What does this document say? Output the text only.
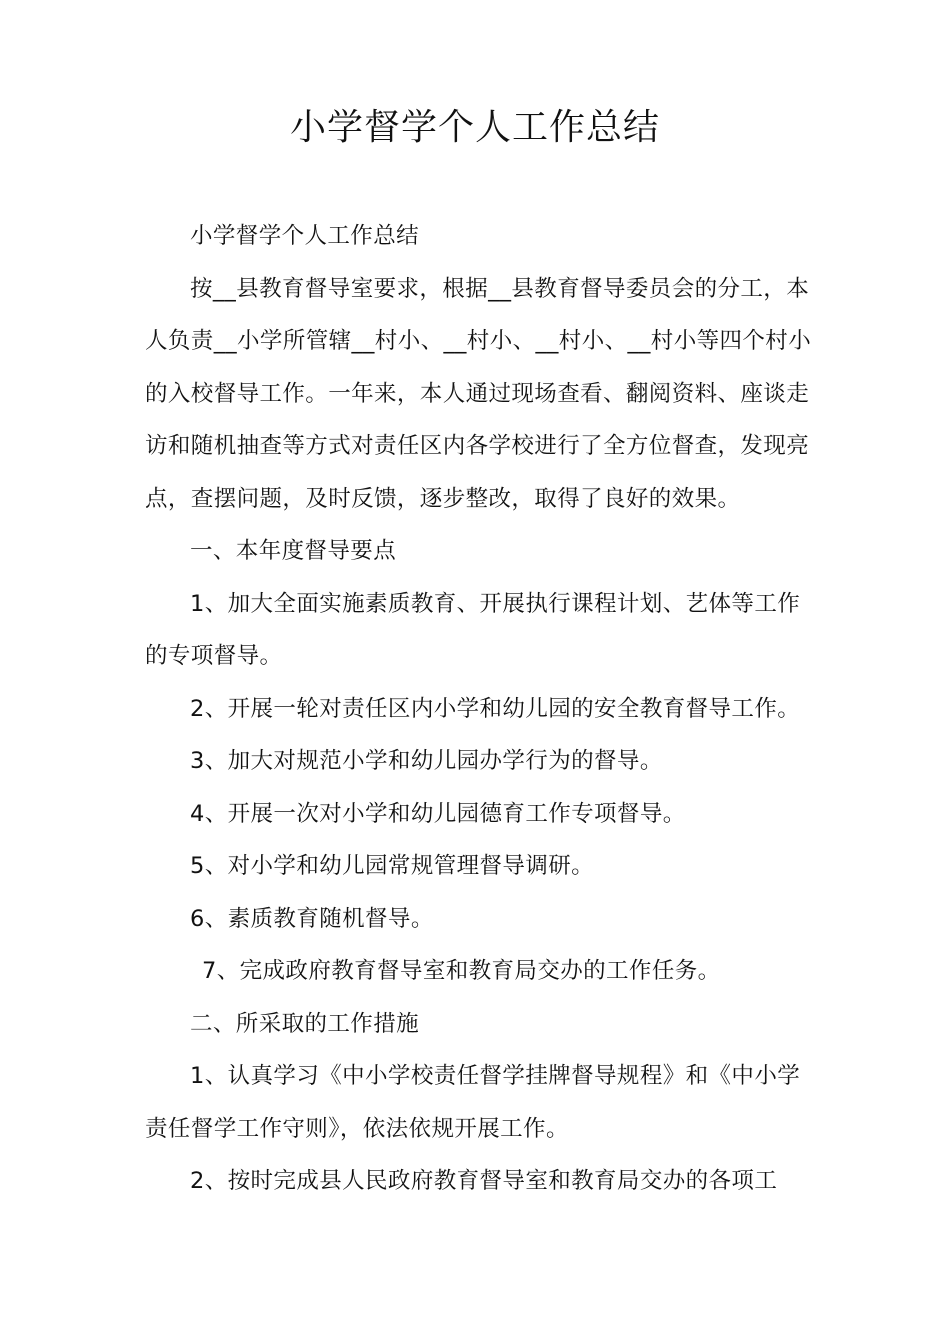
小学督学个人工作总结

小学督学个人工作总结

按__县教育督导室要求，根据__县教育督导委员会的分工，本人负责__小学所管辖__村小、__村小、__村小、__村小等四个村小的入校督导工作。一年来，本人通过现场查看、翻阅资料、座谈走访和随机抽查等方式对责任区内各学校进行了全方位督查，发现亮点，查摆问题，及时反馈，逐步整改，取得了良好的效果。

一、本年度督导要点

1、加大全面实施素质教育、开展执行课程计划、艺体等工作的专项督导。

2、开展一轮对责任区内小学和幼儿园的安全教育督导工作。

3、加大对规范小学和幼儿园办学行为的督导。

4、开展一次对小学和幼儿园德育工作专项督导。

5、对小学和幼儿园常规管理督导调研。

6、素质教育随机督导。

7、完成政府教育督导室和教育局交办的工作任务。

二、所采取的工作措施

1、认真学习《中小学校责任督学挂牌督导规程》和《中小学责任督学工作守则》，依法依规开展工作。

2、按时完成县人民政府教育督导室和教育局交办的各项工
